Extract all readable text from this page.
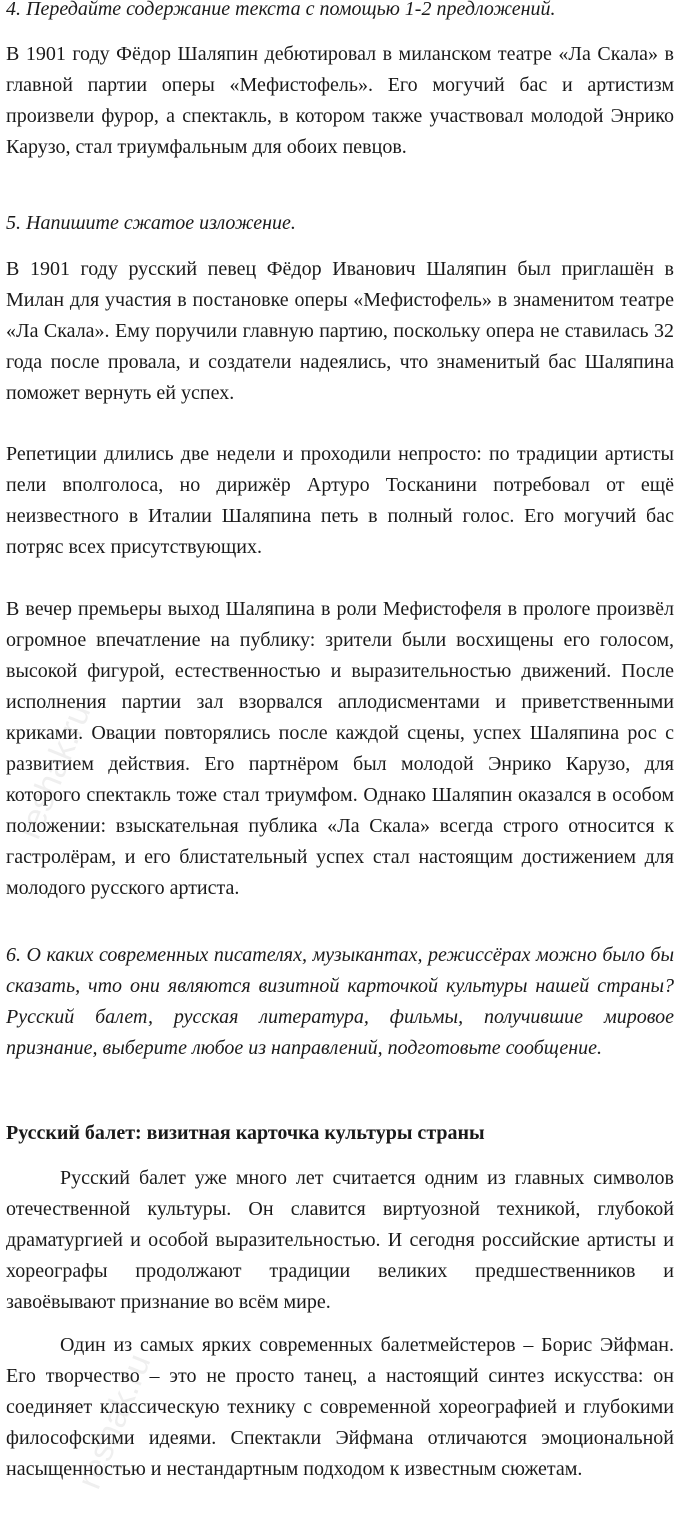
4. Передайте содержание текста с помощью 1-2 предложений.

В 1901 году Фёдор Шаляпин дебютировал в миланском театре «Ла Скала» в главной партии оперы «Мефистофель». Его могучий бас и артистизм произвели фурор, а спектакль, в котором также участвовал молодой Энрико Карузо, стал триумфальным для обоих певцов.

5. Напишите сжатое изложение.

В 1901 году русский певец Фёдор Иванович Шаляпин был приглашён в Милан для участия в постановке оперы «Мефистофель» в знаменитом театре «Ла Скала». Ему поручили главную партию, поскольку опера не ставилась 32 года после провала, и создатели надеялись, что знаменитый бас Шаляпина поможет вернуть ей успех.

Репетиции длились две недели и проходили непросто: по традиции артисты пели вполголоса, но дирижёр Артуро Тосканини потребовал от ещё неизвестного в Италии Шаляпина петь в полный голос. Его могучий бас потряс всех присутствующих.

В вечер премьеры выход Шаляпина в роли Мефистофеля в прологе произвёл огромное впечатление на публику: зрители были восхищены его голосом, высокой фигурой, естественностью и выразительностью движений. После исполнения партии зал взорвался аплодисментами и приветственными криками. Овации повторялись после каждой сцены, успех Шаляпина рос с развитием действия. Его партнёром был молодой Энрико Карузо, для которого спектакль тоже стал триумфом. Однако Шаляпин оказался в особом положении: взыскательная публика «Ла Скала» всегда строго относится к гастролёрам, и его блистательный успех стал настоящим достижением для молодого русского артиста.

6. О каких современных писателях, музыкантах, режиссёрах можно было бы сказать, что они являются визитной карточкой культуры нашей страны? Русский балет, русская литература, фильмы, получившие мировое признание, выберите любое из направлений, подготовьте сообщение.

Русский балет: визитная карточка культуры страны

Русский балет уже много лет считается одним из главных символов отечественной культуры. Он славится виртуозной техникой, глубокой драматургией и особой выразительностью. И сегодня российские артисты и хореографы продолжают традиции великих предшественников и завоёвывают признание во всём мире.

Один из самых ярких современных балетмейстеров – Борис Эйфман. Его творчество – это не просто танец, а настоящий синтез искусства: он соединяет классическую технику с современной хореографией и глубокими философскими идеями. Спектакли Эйфмана отличаются эмоциональной насыщенностью и нестандартным подходом к известным сюжетам.

reshak.ru
reshak.ru
